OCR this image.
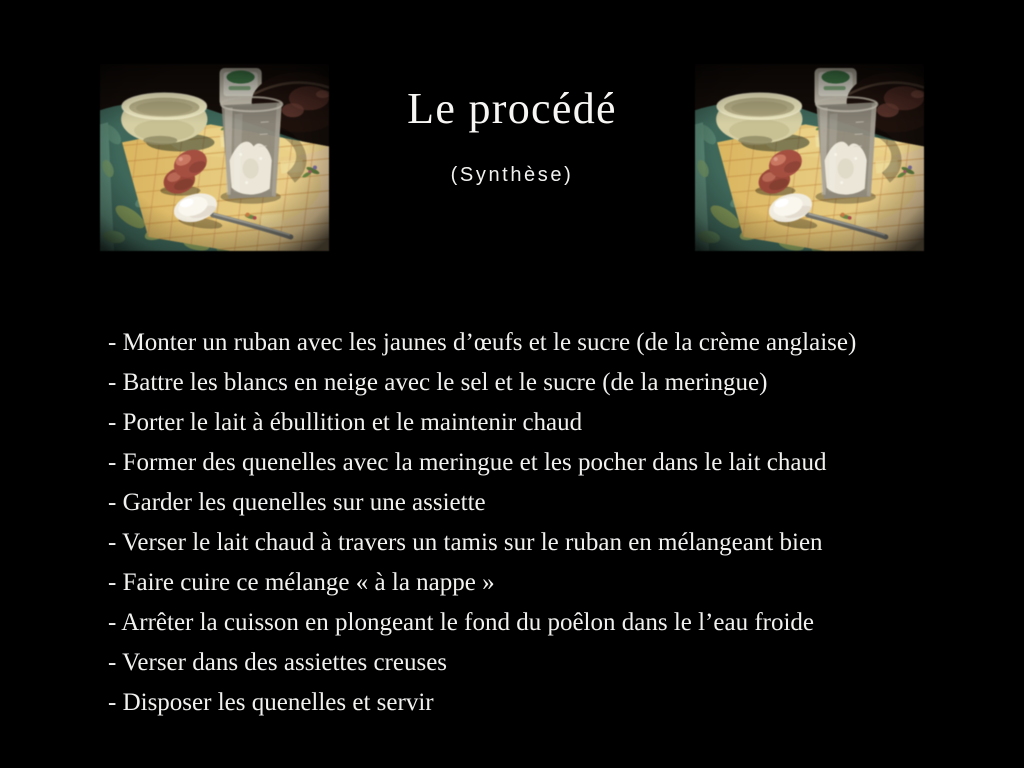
Le procédé
(Synthèse)
- Monter un ruban avec les jaunes d’œufs et le sucre (de la crème anglaise)
- Battre les blancs en neige avec le sel et le sucre (de la meringue)
- Porter le lait à ébullition et le maintenir chaud
- Former des quenelles avec la meringue et les pocher dans le lait chaud
- Garder les quenelles sur une assiette
- Verser le lait chaud à travers un tamis sur le ruban en mélangeant bien
- Faire cuire ce mélange « à la nappe »
- Arrêter la cuisson en plongeant le fond du poêlon dans le l’eau froide
- Verser dans des assiettes creuses
- Disposer les quenelles et servir
